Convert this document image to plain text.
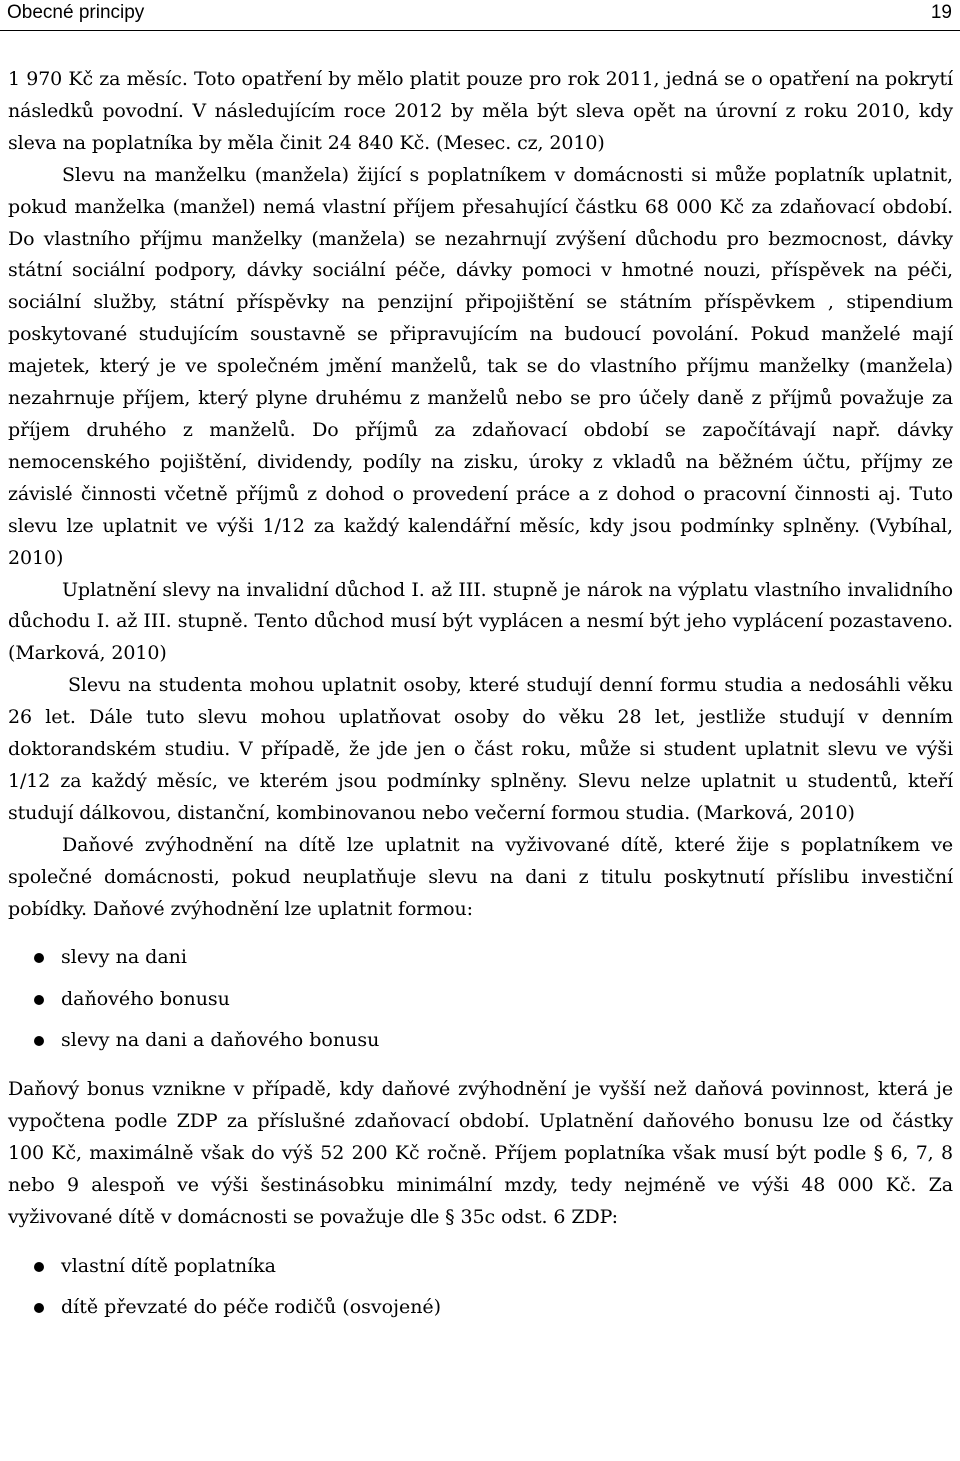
Obecné principy	19

1 970 Kč za měsíc. Toto opatření by mělo platit pouze pro rok 2011, jedná se o opatření na pokrytí následků povodní. V následujícím roce 2012 by měla být sleva opět na úrovní z roku 2010, kdy sleva na poplatníka by měla činit 24 840 Kč. (Mesec. cz, 2010)

Slevu na manželku (manžela) žijící s poplatníkem v domácnosti si může poplatník uplatnit, pokud manželka (manžel) nemá vlastní příjem přesahující částku 68 000 Kč za zdaňovací období. Do vlastního příjmu manželky (manžela) se nezahrnují zvýšení důchodu pro bezmocnost, dávky státní sociální podpory, dávky sociální péče, dávky pomoci v hmotné nouzi, příspěvek na péči, sociální služby, státní příspěvky na penzijní připojištění se státním příspěvkem , stipendium poskytované studujícím soustavně se připravujícím na budoucí povolání. Pokud manželé mají majetek, který je ve společném jmění manželů, tak se do vlastního příjmu manželky (manžela) nezahrnuje příjem, který plyne druhému z manželů nebo se pro účely daně z příjmů považuje za příjem druhého z manželů. Do příjmů za zdaňovací období se započítávají např. dávky nemocenského pojištění, dividendy, podíly na zisku, úroky z vkladů na běžném účtu, příjmy ze závislé činnosti včetně příjmů z dohod o provedení práce a z dohod o pracovní činnosti aj. Tuto slevu lze uplatnit ve výši 1/12 za každý kalendářní měsíc, kdy jsou podmínky splněny. (Vybíhal, 2010)

Uplatnění slevy na invalidní důchod I. až III. stupně je nárok na výplatu vlastního invalidního důchodu I. až III. stupně. Tento důchod musí být vyplácen a nesmí být jeho vyplácení pozastaveno. (Marková, 2010)

Slevu na studenta mohou uplatnit osoby, které studují denní formu studia a nedosáhli věku 26 let. Dále tuto slevu mohou uplatňovat osoby do věku 28 let, jestliže studují v denním doktorandském studiu. V případě, že jde jen o část roku, může si student uplatnit slevu ve výši 1/12 za každý měsíc, ve kterém jsou podmínky splněny. Slevu nelze uplatnit u studentů, kteří studují dálkovou, distanční, kombinovanou nebo večerní formou studia. (Marková, 2010)

Daňové zvýhodnění na dítě lze uplatnit na vyživované dítě, které žije s poplatníkem ve společné domácnosti, pokud neuplatňuje slevu na dani z titulu poskytnutí příslibu investiční pobídky. Daňové zvýhodnění lze uplatnit formou:

slevy na dani
daňového bonusu
slevy na dani a daňového bonusu

Daňový bonus vznikne v případě, kdy daňové zvýhodnění je vyšší než daňová povinnost, která je vypočtena podle ZDP za příslušné zdaňovací období. Uplatnění daňového bonusu lze od částky 100 Kč, maximálně však do výš 52 200 Kč ročně. Příjem poplatníka však musí být podle § 6, 7, 8 nebo 9 alespoň ve výši šestinásobku minimální mzdy, tedy nejméně ve výši 48 000 Kč. Za vyživované dítě v domácnosti se považuje dle § 35c odst. 6 ZDP:

vlastní dítě poplatníka
dítě převzaté do péče rodičů (osvojené)
